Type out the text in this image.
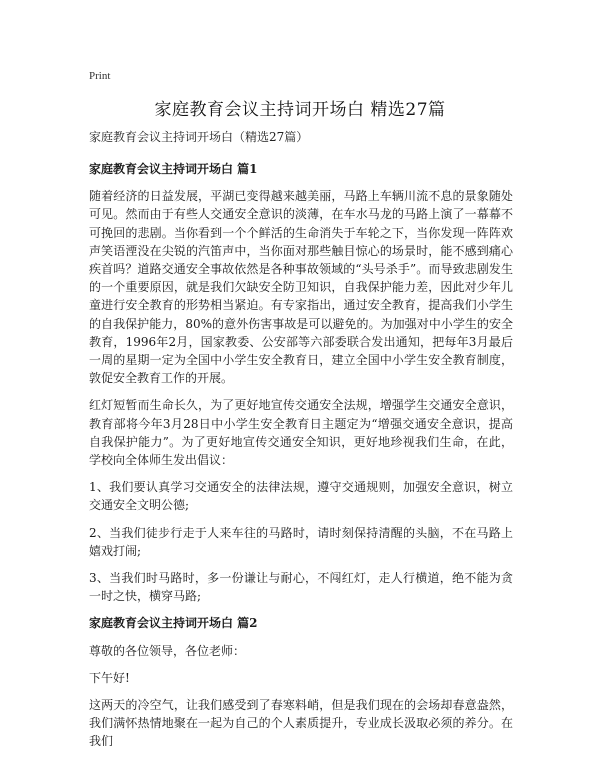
Print
家庭教育会议主持词开场白 精选27篇
家庭教育会议主持词开场白（精选27篇）
家庭教育会议主持词开场白 篇1

随着经济的日益发展，平湖已变得越来越美丽，马路上车辆川流不息的景象随处可见。然而由于有些人交通安全意识的淡薄，在车水马龙的马路上演了一幕幕不可挽回的悲剧。当你看到一个个鲜活的生命消失于车轮之下，当你发现一阵阵欢声笑语湮没在尖锐的汽笛声中，当你面对那些触目惊心的场景时，能不感到痛心疾首吗？道路交通安全事故依然是各种事故领域的“头号杀手”。而导致悲剧发生的一个重要原因，就是我们欠缺安全防卫知识，自我保护能力差，因此对少年儿童进行安全教育的形势相当紧迫。有专家指出，通过安全教育，提高我们小学生的自我保护能力，80%的意外伤害事故是可以避免的。为加强对中小学生的安全教育，1996年2月，国家教委、公安部等六部委联合发出通知，把每年3月最后一周的星期一定为全国中小学生安全教育日，建立全国中小学生安全教育制度，敦促安全教育工作的开展。

红灯短暂而生命长久，为了更好地宣传交通安全法规，增强学生交通安全意识，教育部将今年3月28日中小学生安全教育日主题定为“增强交通安全意识，提高自我保护能力”。为了更好地宣传交通安全知识，更好地珍视我们生命，在此，学校向全体师生发出倡议：

1、我们要认真学习交通安全的法律法规，遵守交通规则，加强安全意识，树立交通安全文明公德;

2、当我们徒步行走于人来车往的马路时，请时刻保持清醒的头脑，不在马路上嬉戏打闹;

3、当我们时马路时，多一份谦让与耐心，不闯红灯，走人行横道，绝不能为贪一时之快，横穿马路;

家庭教育会议主持词开场白 篇2

尊敬的各位领导，各位老师：

下午好!

这两天的冷空气，让我们感受到了春寒料峭，但是我们现在的会场却春意盎然，我们满怀热情地聚在一起为自己的个人素质提升，专业成长汲取必须的养分。在我们
